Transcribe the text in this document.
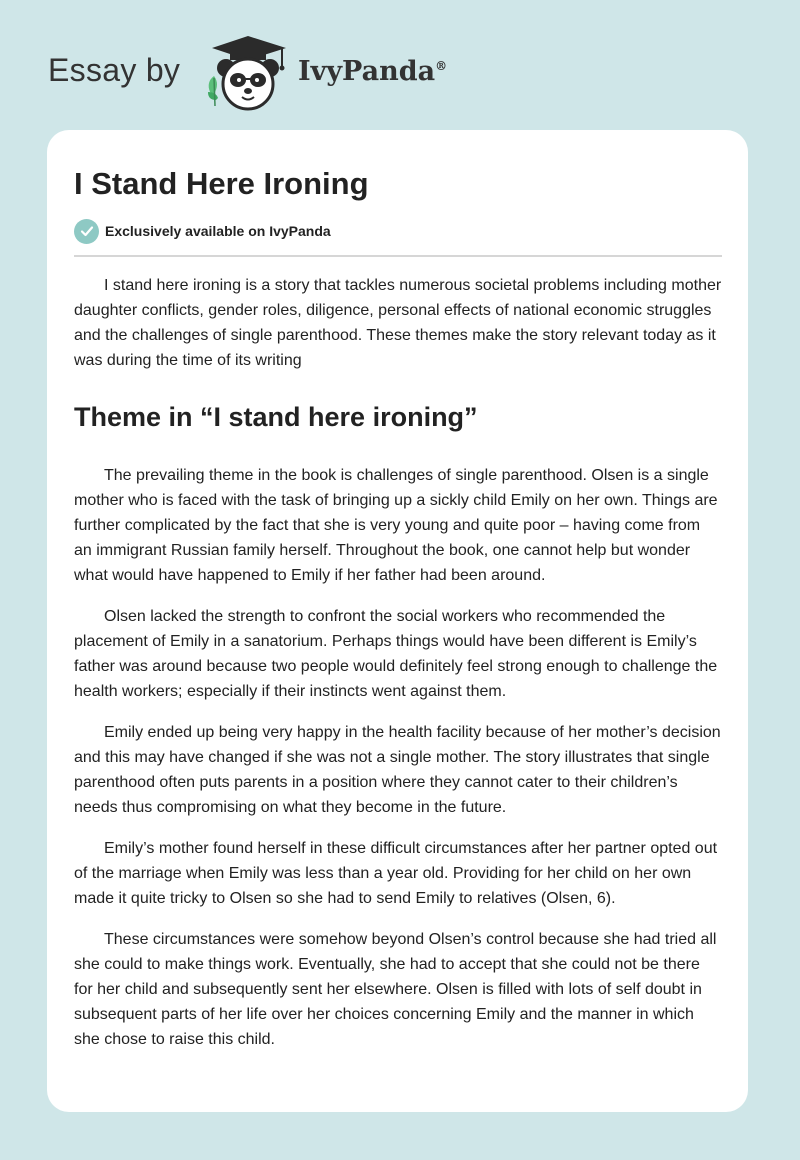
Essay by	IvyPanda®
I Stand Here Ironing
Exclusively available on IvyPanda

I stand here ironing is a story that tackles numerous societal problems including mother daughter conflicts, gender roles, diligence, personal effects of national economic struggles and the challenges of single parenthood. These themes make the story relevant today as it was during the time of its writing

Theme in “I stand here ironing”

The prevailing theme in the book is challenges of single parenthood. Olsen is a single mother who is faced with the task of bringing up a sickly child Emily on her own. Things are further complicated by the fact that she is very young and quite poor – having come from an immigrant Russian family herself. Throughout the book, one cannot help but wonder what would have happened to Emily if her father had been around.

Olsen lacked the strength to confront the social workers who recommended the placement of Emily in a sanatorium. Perhaps things would have been different is Emily’s father was around because two people would definitely feel strong enough to challenge the health workers; especially if their instincts went against them.

Emily ended up being very happy in the health facility because of her mother’s decision and this may have changed if she was not a single mother. The story illustrates that single parenthood often puts parents in a position where they cannot cater to their children’s needs thus compromising on what they become in the future.

Emily’s mother found herself in these difficult circumstances after her partner opted out of the marriage when Emily was less than a year old. Providing for her child on her own made it quite tricky to Olsen so she had to send Emily to relatives (Olsen, 6).

These circumstances were somehow beyond Olsen’s control because she had tried all she could to make things work. Eventually, she had to accept that she could not be there for her child and subsequently sent her elsewhere. Olsen is filled with lots of self doubt in subsequent parts of her life over her choices concerning Emily and the manner in which she chose to raise this child.
